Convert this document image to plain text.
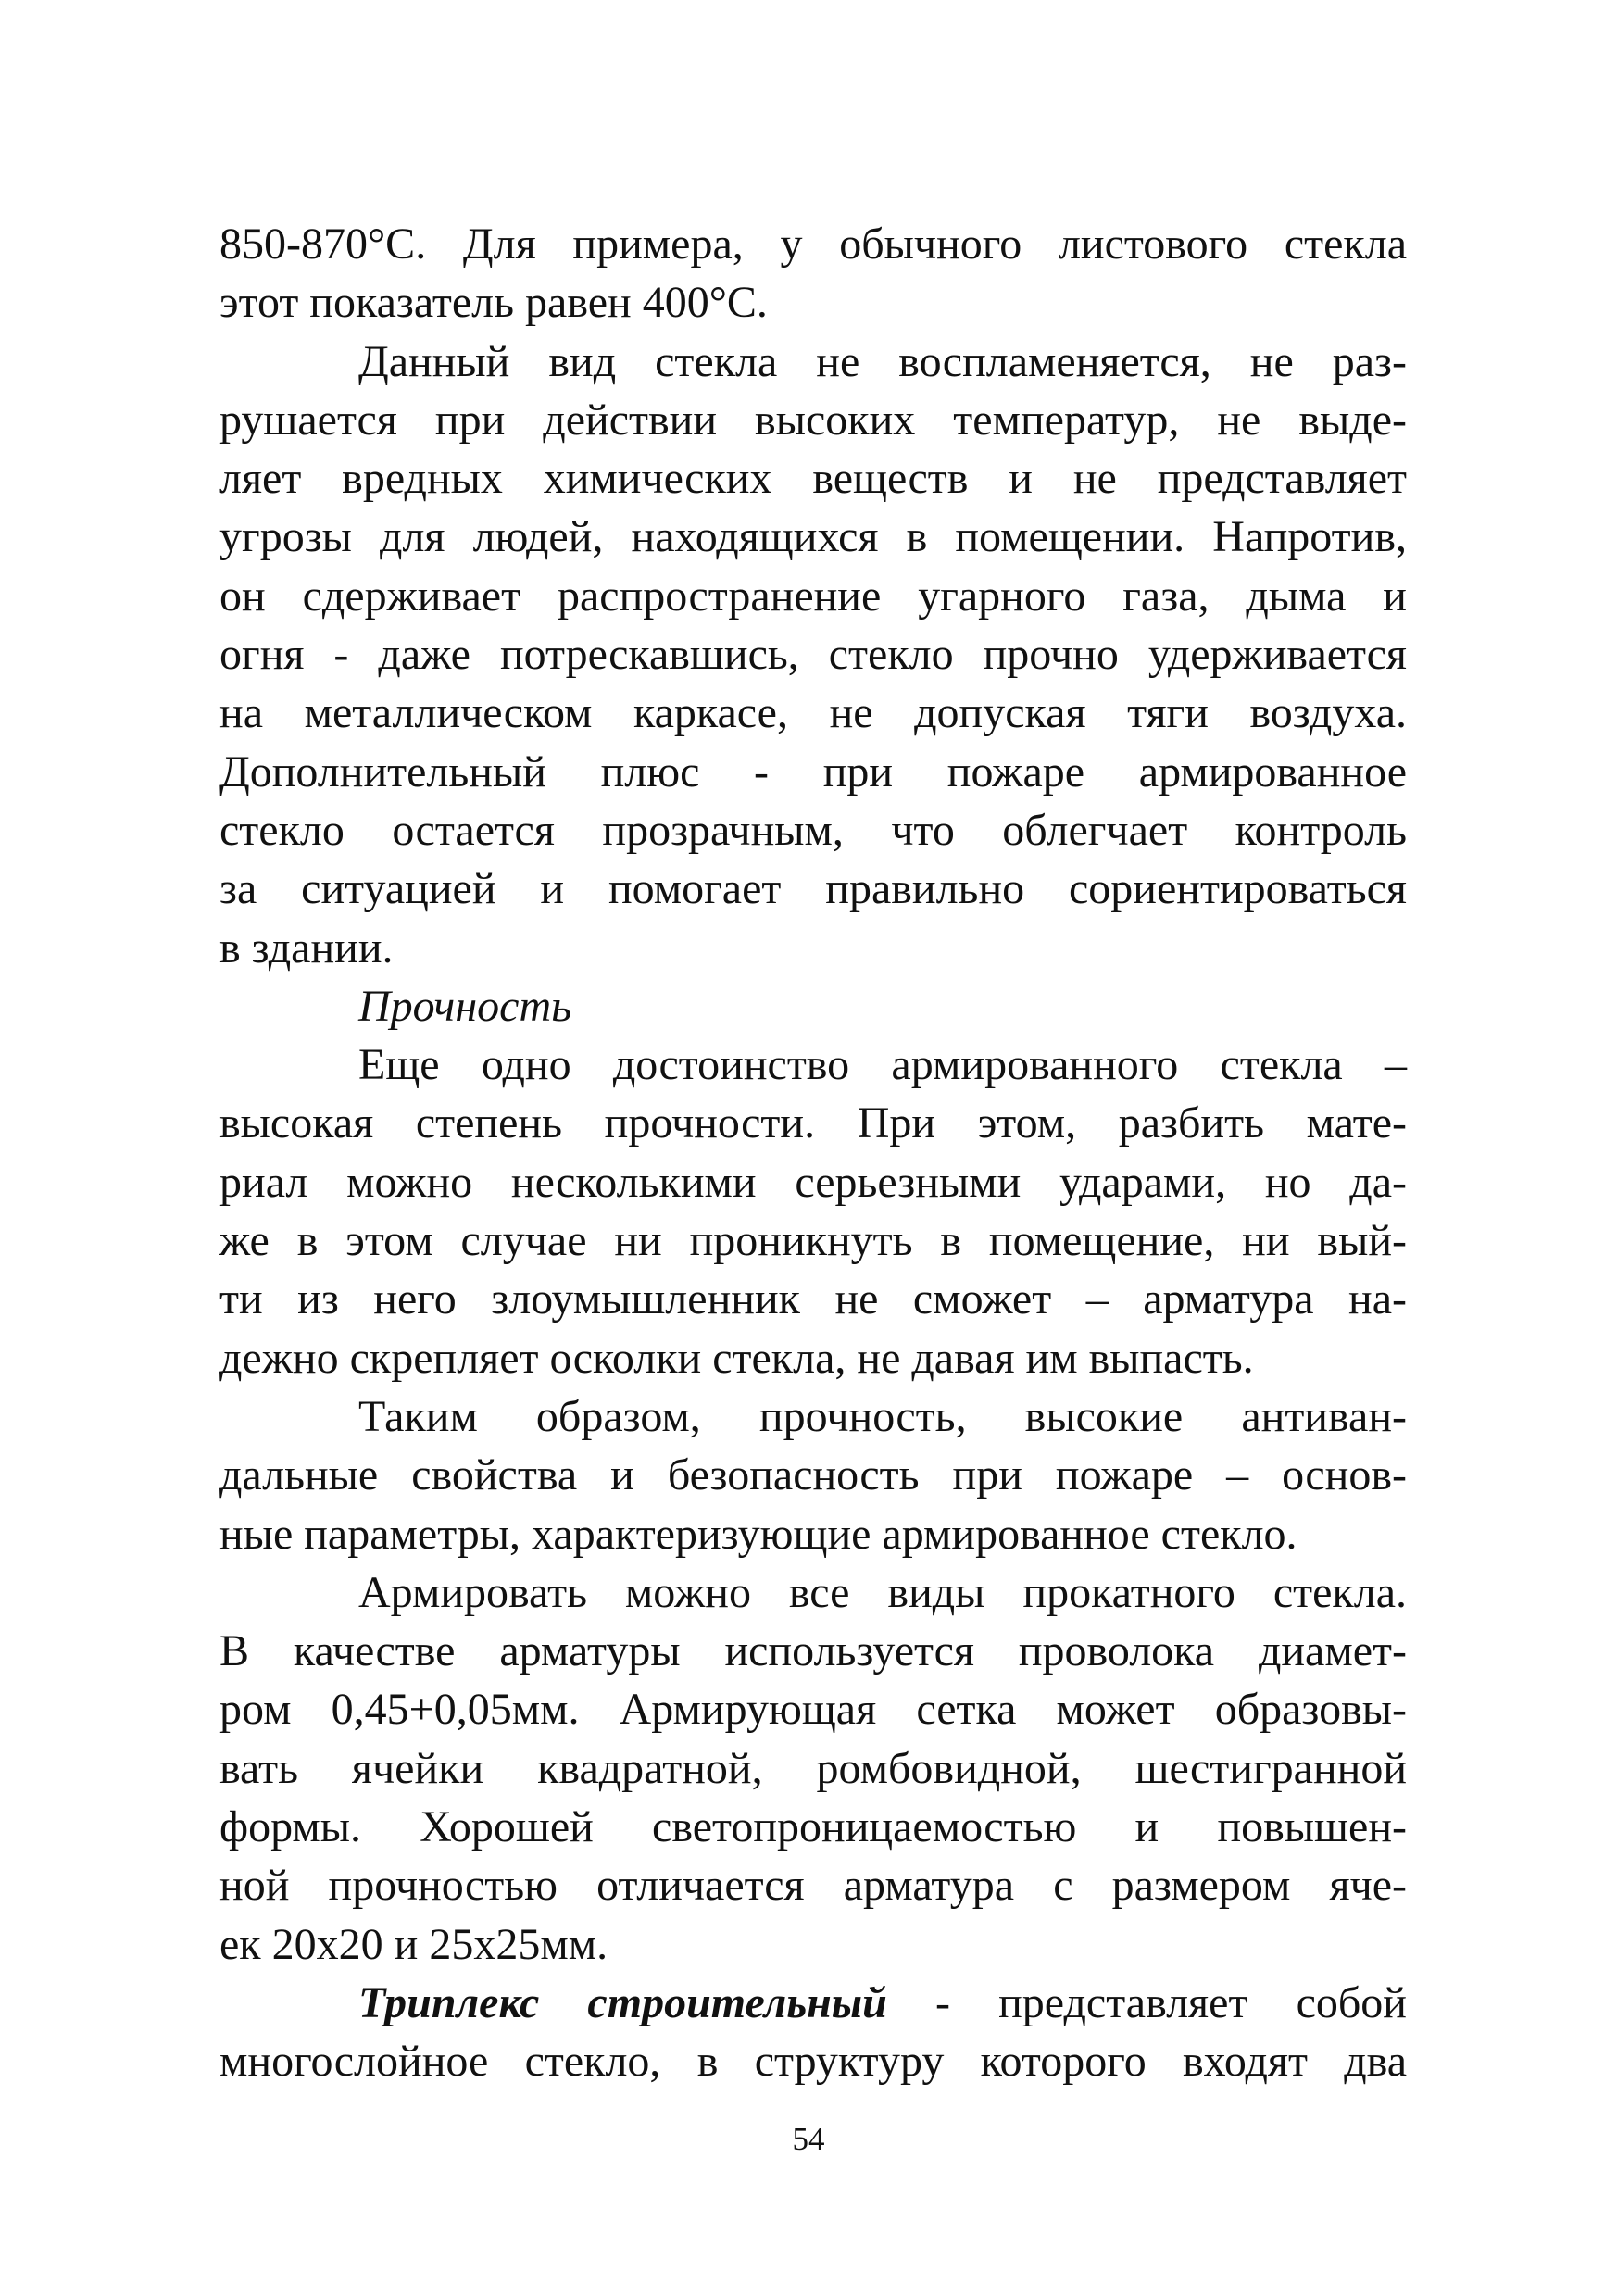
850-870°С. Для примера, у обычного листового стекла
этот показатель равен 400°С.
Данный вид стекла не воспламеняется, не раз-
рушается при действии высоких температур, не выде-
ляет вредных химических веществ и не представляет
угрозы для людей, находящихся в помещении. Напротив,
он сдерживает распространение угарного газа, дыма и
огня - даже потрескавшись, стекло прочно удерживается
на металлическом каркасе, не допуская тяги воздуха.
Дополнительный плюс - при пожаре армированное
стекло остается прозрачным, что облегчает контроль
за ситуацией и помогает правильно сориентироваться
в здании.
Прочность
Еще одно достоинство армированного стекла –
высокая степень прочности. При этом, разбить мате-
риал можно несколькими серьезными ударами, но да-
же в этом случае ни проникнуть в помещение, ни вый-
ти из него злоумышленник не сможет – арматура на-
дежно скрепляет осколки стекла, не давая им выпасть.
Таким образом, прочность, высокие антиван-
дальные свойства и безопасность при пожаре – основ-
ные параметры, характеризующие армированное стекло.
Армировать можно все виды прокатного стекла.
В качестве арматуры используется проволока диамет-
ром 0,45+0,05мм. Армирующая сетка может образовы-
вать ячейки квадратной, ромбовидной, шестигранной
формы. Хорошей светопроницаемостью и повышен-
ной прочностью отличается арматура с размером яче-
ек 20х20 и 25х25мм.
Триплекс строительный - представляет собой
многослойное стекло, в структуру которого входят два
54
